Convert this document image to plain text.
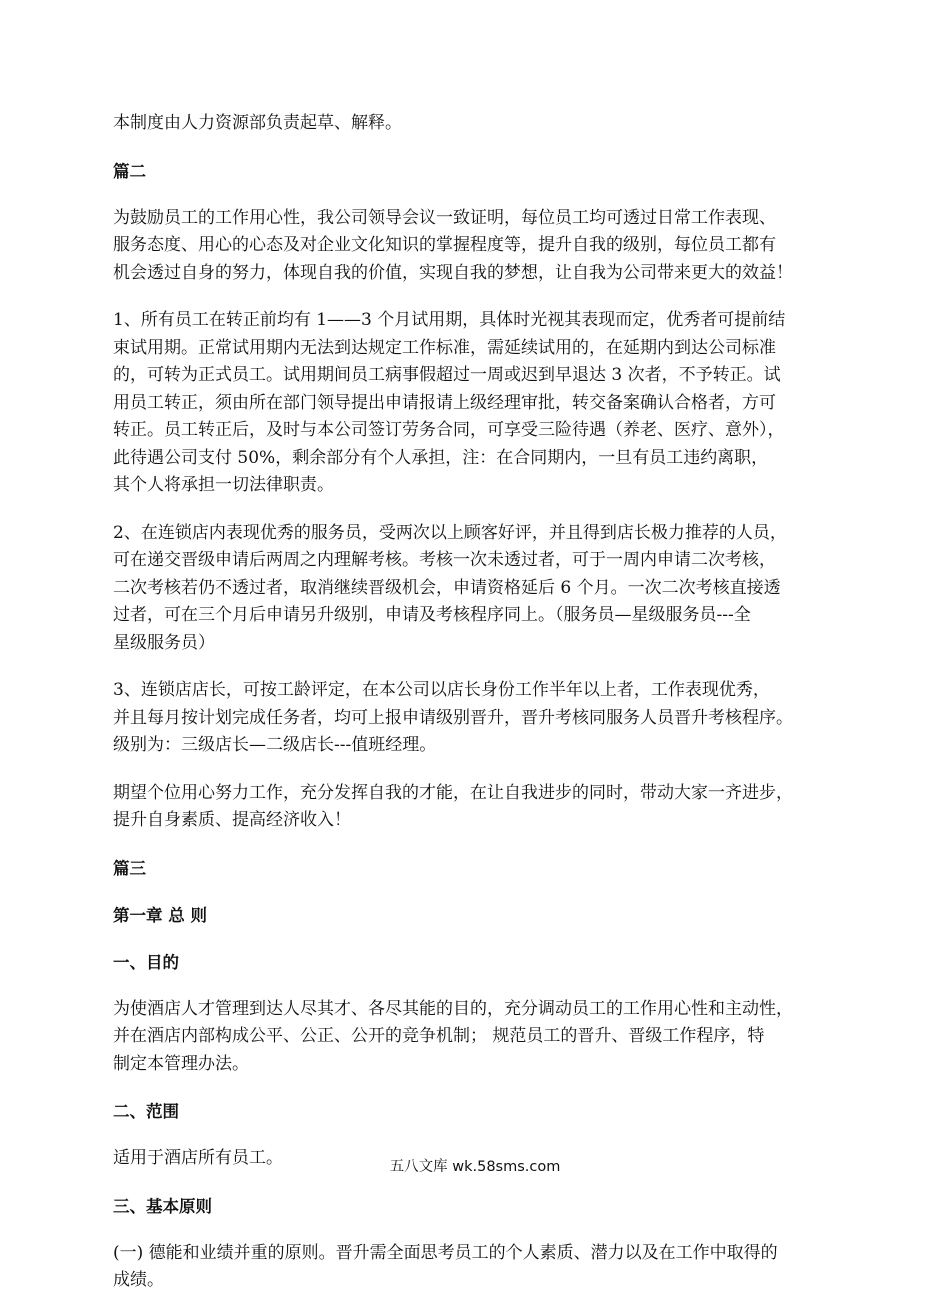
本制度由人力资源部负责起草、解释。

篇二

为鼓励员工的工作用心性，我公司领导会议一致证明，每位员工均可透过日常工作表现、
服务态度、用心的心态及对企业文化知识的掌握程度等，提升自我的级别，每位员工都有
机会透过自身的努力，体现自我的价值，实现自我的梦想，让自我为公司带来更大的效益！

1、所有员工在转正前均有 1——3 个月试用期，具体时光视其表现而定，优秀者可提前结
束试用期。正常试用期内无法到达规定工作标准，需延续试用的，在延期内到达公司标准
的，可转为正式员工。试用期间员工病事假超过一周或迟到早退达 3 次者，不予转正。试
用员工转正，须由所在部门领导提出申请报请上级经理审批，转交备案确认合格者，方可
转正。员工转正后，及时与本公司签订劳务合同，可享受三险待遇（养老、医疗、意外），
此待遇公司支付 50%，剩余部分有个人承担，注：在合同期内，一旦有员工违约离职，
其个人将承担一切法律职责。

2、在连锁店内表现优秀的服务员，受两次以上顾客好评，并且得到店长极力推荐的人员，
可在递交晋级申请后两周之内理解考核。考核一次未透过者，可于一周内申请二次考核，
二次考核若仍不透过者，取消继续晋级机会，申请资格延后 6 个月。一次二次考核直接透
过者，可在三个月后申请另升级别，申请及考核程序同上。（服务员—星级服务员---全
星级服务员）

3、连锁店店长，可按工龄评定，在本公司以店长身份工作半年以上者，工作表现优秀，
并且每月按计划完成任务者，均可上报申请级别晋升，晋升考核同服务人员晋升考核程序。
级别为：三级店长—二级店长---值班经理。

期望个位用心努力工作，充分发挥自我的才能，在让自我进步的同时，带动大家一齐进步，
提升自身素质、提高经济收入！

篇三
第一章 总 则
一、目的

为使酒店人才管理到达人尽其才、各尽其能的目的，充分调动员工的工作用心性和主动性，
并在酒店内部构成公平、公正、公开的竞争机制； 规范员工的晋升、晋级工作程序，特
制定本管理办法。

二、范围

适用于酒店所有员工。

三、基本原则

(一) 德能和业绩并重的原则。晋升需全面思考员工的个人素质、潜力以及在工作中取得的
成绩。

五八文库 wk.58sms.com
